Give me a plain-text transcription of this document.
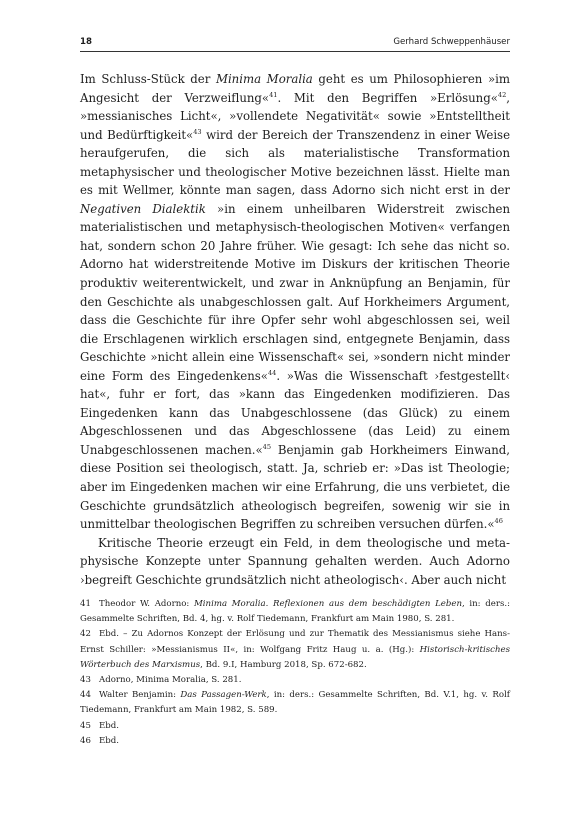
18	Gerhard Schweppenhäuser

Im Schluss-Stück der Minima Moralia geht es um Philosophieren »im Angesicht der Verzweiflung«$^{41}$. Mit den Begriffen »Erlösung«$^{42}$, »messianisches Licht«, »vollendete Negativität« sowie »Entstelltheit und Bedürftigkeit«$^{43}$ wird der Bereich der Transzendenz in einer Weise heraufgerufen, die sich als materialistische Transformation metaphysischer und theologischer Motive bezeichnen lässt. Hielte man es mit Wellmer, könnte man sagen, dass Adorno sich nicht erst in der Negativen Dialektik »in einem unheilbaren Widerstreit zwischen materialistischen und metaphysisch-theologischen Motiven« verfangen hat, sondern schon 20 Jahre früher. Wie gesagt: Ich sehe das nicht so. Adorno hat widerstreitende Motive im Diskurs der kritischen Theorie produktiv weiterentwickelt, und zwar in Anknüpfung an Benjamin, für den Geschichte als unabgeschlossen galt. Auf Horkheimers Argument, dass die Geschichte für ihre Opfer sehr wohl abgeschlossen sei, weil die Erschlagenen wirklich erschlagen sind, entgegnete Benjamin, dass Geschichte »nicht allein eine Wissenschaft« sei, »sondern nicht minder eine Form des Eingedenkens«$^{44}$. »Was die Wissenschaft ›festgestellt‹ hat«, fuhr er fort, das »kann das Eingedenken modifizieren. Das Eingedenken kann das Unabgeschlossene (das Glück) zu einem Abgeschlossenen und das Abgeschlossene (das Leid) zu einem Unabgeschlossenen machen.«$^{45}$ Benjamin gab Horkheimers Einwand, diese Position sei theologisch, statt. Ja, schrieb er: »Das ist Theologie; aber im Eingedenken machen wir eine Erfahrung, die uns verbietet, die Geschichte grundsätzlich atheologisch begreifen, sowenig wir sie in unmittelbar theologischen Begriffen zu schreiben versuchen dürfen.«$^{46}$

Kritische Theorie erzeugt ein Feld, in dem theologische und metaphysische Konzepte unter Spannung gehalten werden. Auch Adorno ›begreift Geschichte grundsätzlich nicht atheologisch‹. Aber auch nicht

41 Theodor W. Adorno: Minima Moralia. Reflexionen aus dem beschädigten Leben, in: ders.: Gesammelte Schriften, Bd. 4, hg. v. Rolf Tiedemann, Frankfurt am Main 1980, S. 281.

42 Ebd. – Zu Adornos Konzept der Erlösung und zur Thematik des Messianismus siehe Hans-Ernst Schiller: »Messianismus II«, in: Wolfgang Fritz Haug u. a. (Hg.): Historisch-kritisches Wörterbuch des Marxismus, Bd. 9.I, Hamburg 2018, Sp. 672-682.

43 Adorno, Minima Moralia, S. 281.

44 Walter Benjamin: Das Passagen-Werk, in: ders.: Gesammelte Schriften, Bd. V.1, hg. v. Rolf Tiedemann, Frankfurt am Main 1982, S. 589.

45 Ebd.

46 Ebd.
